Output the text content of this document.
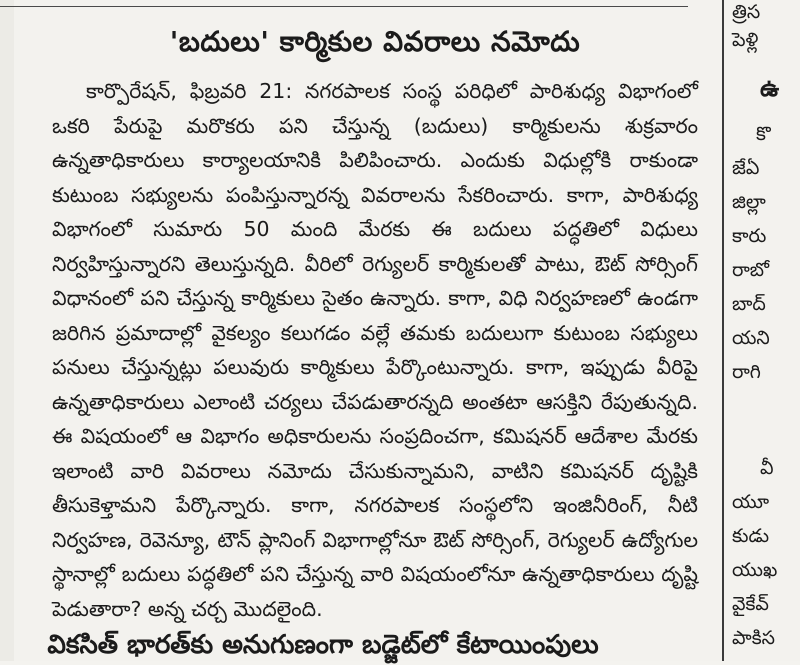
'బదులు' కార్మికుల వివరాలు నమోదు

కార్పొరేషన్, ఫిబ్రవరి 21: నగరపాలక సంస్థ పరిధిలో పారిశుధ్య విభాగంలో ఒకరి పేరుపై మరొకరు పని చేస్తున్న (బదులు) కార్మికులను శుక్రవారం ఉన్నతాధికారులు కార్యాలయానికి పిలిపించారు. ఎందుకు విధుల్లోకి రాకుండా కుటుంబ సభ్యులను పంపిస్తున్నారన్న వివరాలను సేకరించారు. కాగా, పారిశుధ్య విభాగంలో సుమారు 50 మంది మేరకు ఈ బదులు పద్ధతిలో విధులు నిర్వహిస్తున్నారని తెలుస్తున్నది. వీరిలో రెగ్యులర్ కార్మికులతో పాటు, ఔట్ సోర్సింగ్ విధానంలో పని చేస్తున్న కార్మికులు సైతం ఉన్నారు. కాగా, విధి నిర్వహణలో ఉండగా జరిగిన ప్రమాదాల్లో వైకల్యం కలుగడం వల్లే తమకు బదులుగా కుటుంబ సభ్యులు పనులు చేస్తున్నట్లు పలువురు కార్మికులు పేర్కొంటున్నారు. కాగా, ఇప్పుడు వీరిపై ఉన్నతాధికారులు ఎలాంటి చర్యలు చేపడుతారన్నది అంతటా ఆసక్తిని రేపుతున్నది. ఈ విషయంలో ఆ విభాగం అధికారులను సంప్రదించగా, కమిషనర్ ఆదేశాల మేరకు ఇలాంటి వారి వివరాలు నమోదు చేసుకున్నామని, వాటిని కమిషనర్ దృష్టికి తీసుకెళ్తామని పేర్కొన్నారు. కాగా, నగరపాలక సంస్థలోని ఇంజినీరింగ్, నీటి నిర్వహణ, రెవెన్యూ, టౌన్ ప్లానింగ్ విభాగాల్లోనూ ఔట్ సోర్సింగ్, రెగ్యులర్ ఉద్యోగుల స్థానాల్లో బదులు పద్ధతిలో పని చేస్తున్న వారి విషయంలోనూ ఉన్నతాధికారులు దృష్టి పెడుతారా? అన్న చర్చ మొదలైంది.

వికసిత్ భారత్‌కు అనుగుణంగా బడ్జెట్‌లో కేటాయింపులు
త్రిస
పెళ్లి
ఉ
కొ
జేఏ
జిల్లా
కారు
రాబో
బాద్
యని
రాగి
వీ
యూ
కుడు
యుఖ
వైకేవ్
పాకిస
